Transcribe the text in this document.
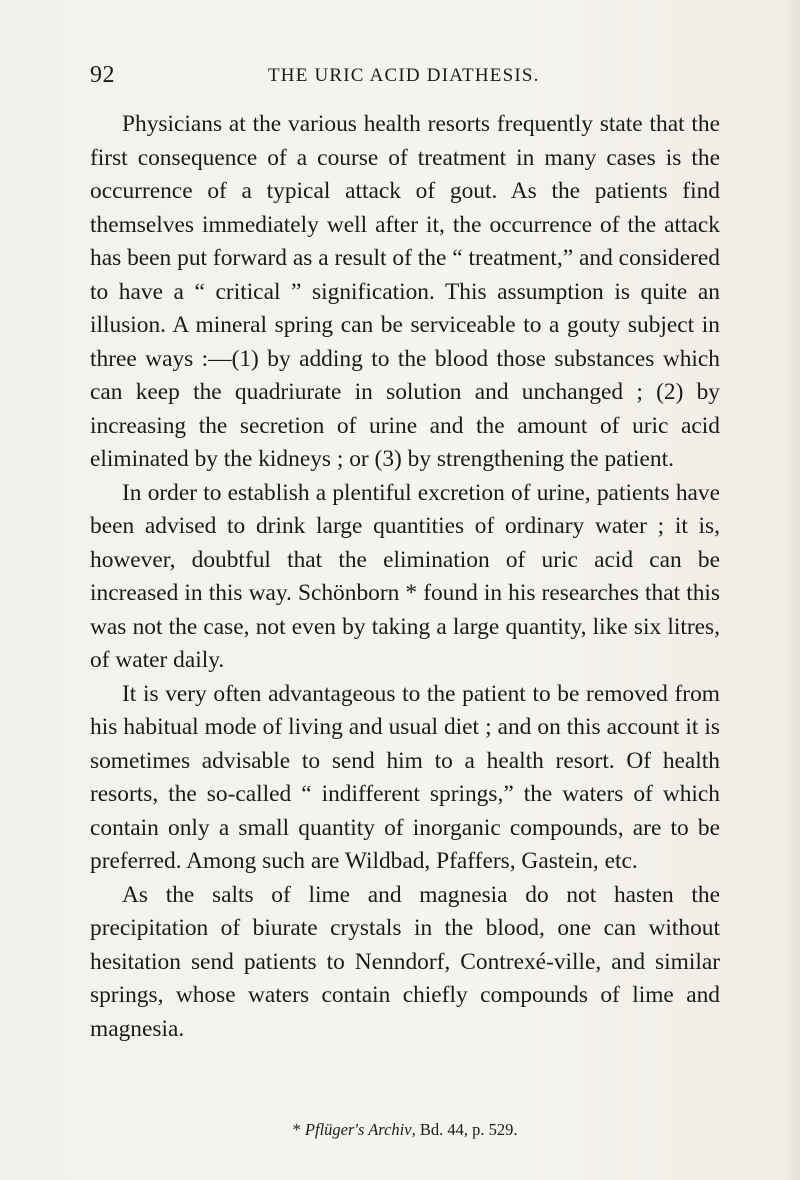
92	THE URIC ACID DIATHESIS.

Physicians at the various health resorts frequently state that the first consequence of a course of treatment in many cases is the occurrence of a typical attack of gout. As the patients find themselves immediately well after it, the occurrence of the attack has been put forward as a result of the “ treatment,” and considered to have a “ critical ” signification. This assumption is quite an illusion. A mineral spring can be serviceable to a gouty subject in three ways :—(1) by adding to the blood those substances which can keep the quadriurate in solution and unchanged ; (2) by increasing the secretion of urine and the amount of uric acid eliminated by the kidneys ; or (3) by strengthening the patient.

In order to establish a plentiful excretion of urine, patients have been advised to drink large quantities of ordinary water ; it is, however, doubtful that the elimination of uric acid can be increased in this way. Schönborn * found in his researches that this was not the case, not even by taking a large quantity, like six litres, of water daily.

It is very often advantageous to the patient to be removed from his habitual mode of living and usual diet ; and on this account it is sometimes advisable to send him to a health resort. Of health resorts, the so-called “ indifferent springs,” the waters of which contain only a small quantity of inorganic compounds, are to be preferred. Among such are Wildbad, Pfaffers, Gastein, etc.

As the salts of lime and magnesia do not hasten the precipitation of biurate crystals in the blood, one can without hesitation send patients to Nenndorf, Contrexé-ville, and similar springs, whose waters contain chiefly compounds of lime and magnesia.

* Pflüger's Archiv, Bd. 44, p. 529.
